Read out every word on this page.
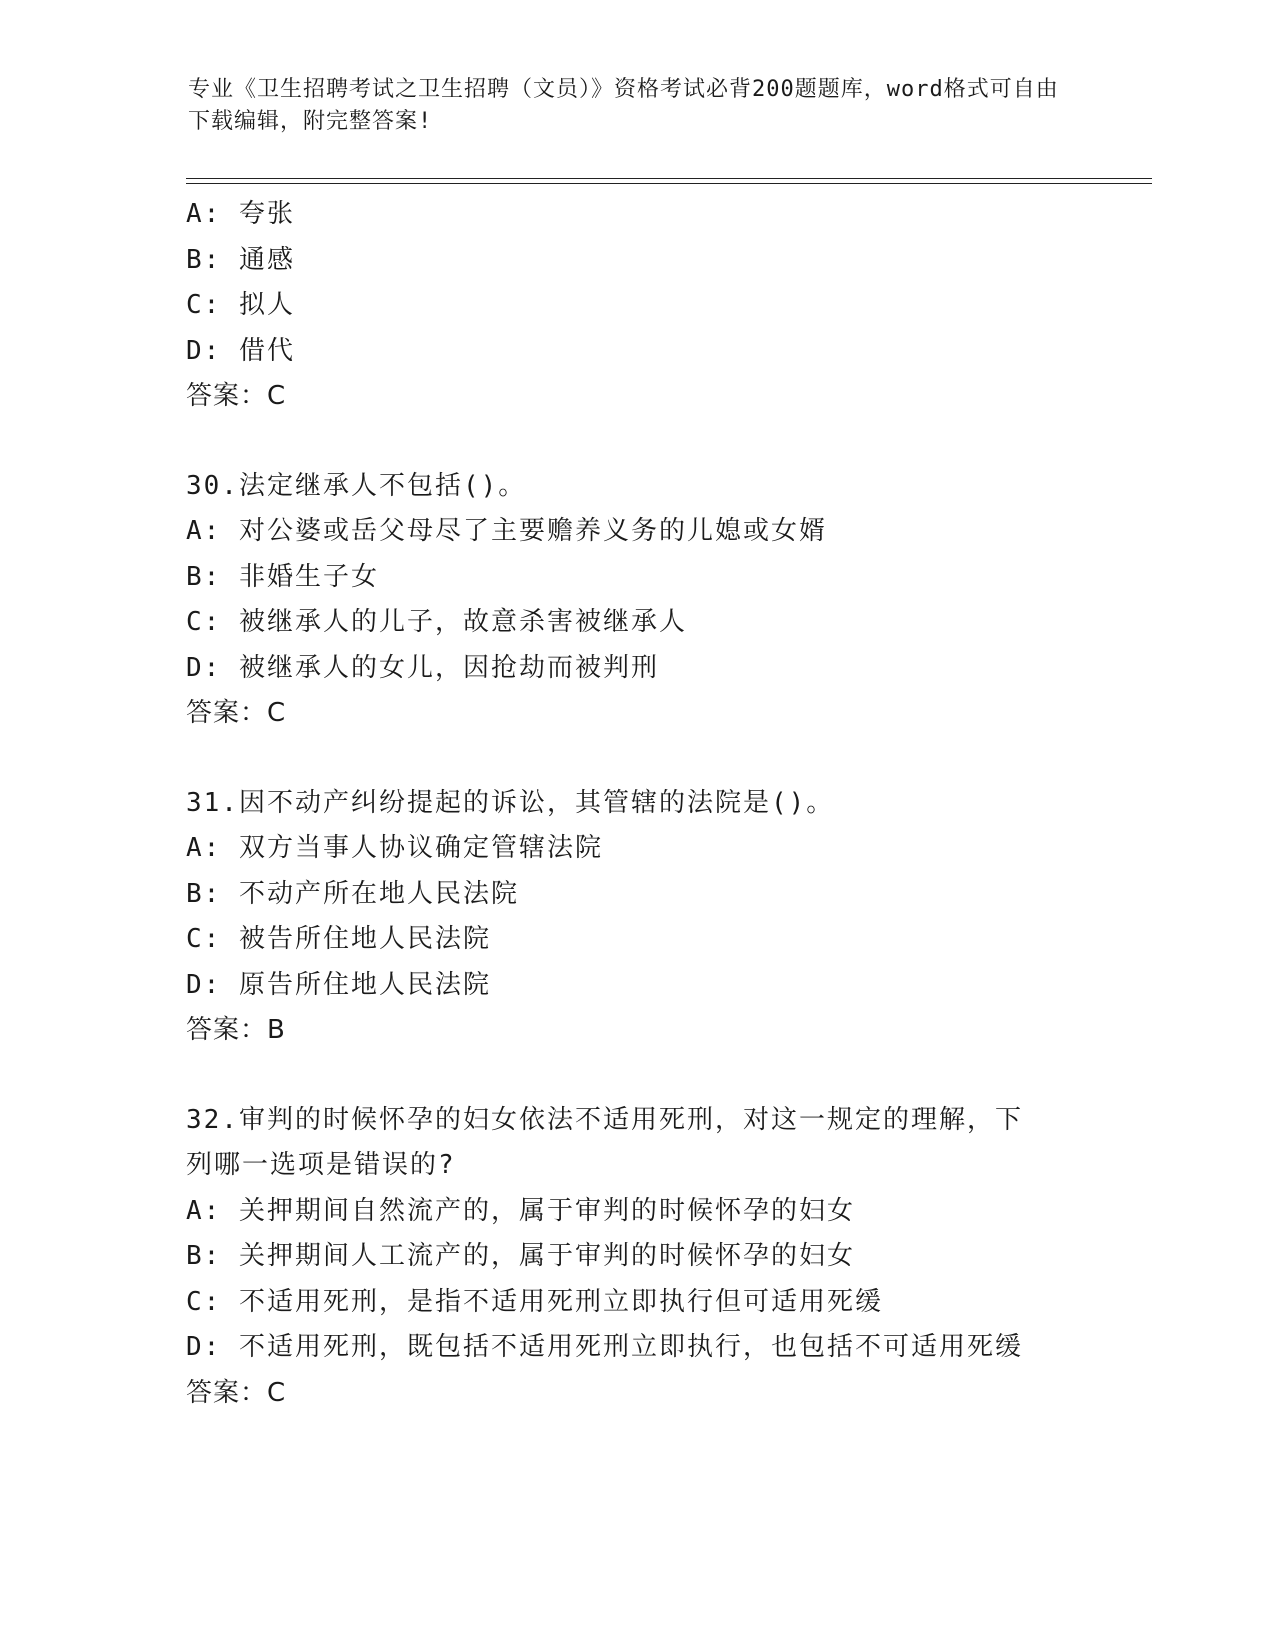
专业《卫生招聘考试之卫生招聘（文员）》资格考试必背200题题库，word格式可自由下载编辑，附完整答案!
A: 夸张
B: 通感
C: 拟人
D: 借代
答案：C
30.法定继承人不包括()。
A: 对公婆或岳父母尽了主要赡养义务的儿媳或女婿
B: 非婚生子女
C: 被继承人的儿子，故意杀害被继承人
D: 被继承人的女儿，因抢劫而被判刑
答案：C
31.因不动产纠纷提起的诉讼，其管辖的法院是()。
A: 双方当事人协议确定管辖法院
B: 不动产所在地人民法院
C: 被告所住地人民法院
D: 原告所住地人民法院
答案：B
32.审判的时候怀孕的妇女依法不适用死刑，对这一规定的理解，下列哪一选项是错误的?
A: 关押期间自然流产的，属于审判的时候怀孕的妇女
B: 关押期间人工流产的，属于审判的时候怀孕的妇女
C: 不适用死刑，是指不适用死刑立即执行但可适用死缓
D: 不适用死刑，既包括不适用死刑立即执行，也包括不可适用死缓
答案：C
